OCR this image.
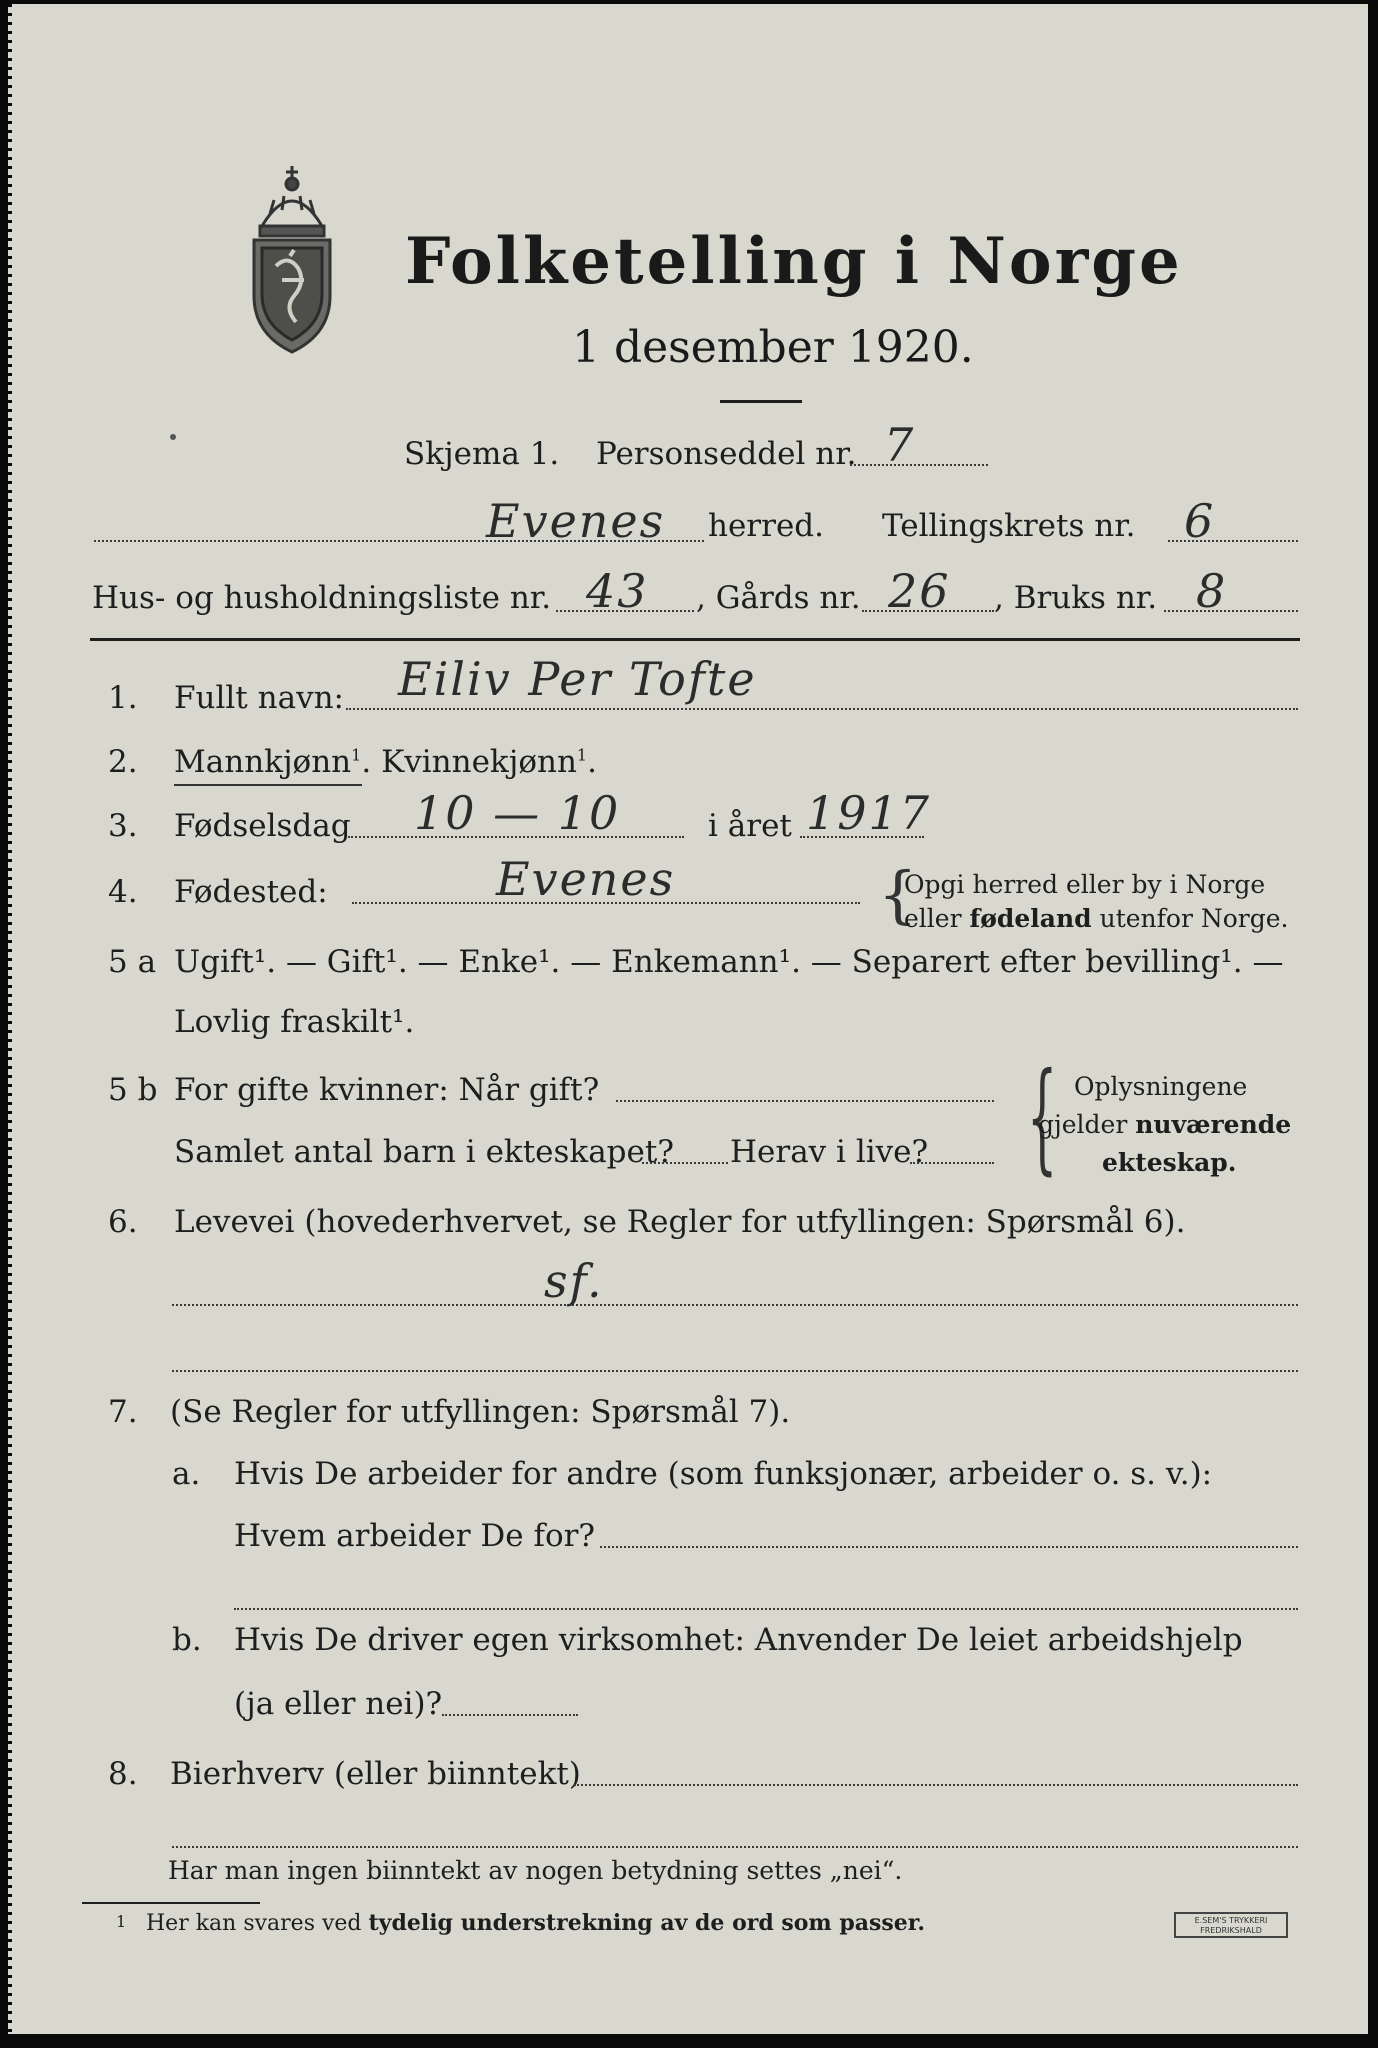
Folketelling i Norge
1 desember 1920.
Skjema 1. Personseddel nr. 7
Evenes herred. Tellingskrets nr. 6
Hus- og husholdningsliste nr. 43 , Gårds nr. 26 , Bruks nr. 8
1. Fullt navn: Eiliv Per Tofte
2. Mannkjønn$^1$. Kvinnekjønn$^1$.
3. Fødselsdag 10 — 10	i året 1917
4. Fødested:	Evenes	{
Opgi herred eller by i Norge
eller fødeland utenfor Norge.
5 a Ugift¹. — Gift¹. — Enke¹. — Enkemann¹. — Separert efter bevilling¹. —
Lovlig fraskilt¹.
5 b For gifte kvinner: Når gift?
Samlet antal barn i ekteskapet? Herav i live? { Oplysningene
gjelder nuværende
ekteskap.
6. Levevei (hovederhvervet, se Regler for utfyllingen: Spørsmål 6).
sf.
7. (Se Regler for utfyllingen: Spørsmål 7).
a. Hvis De arbeider for andre (som funksjonær, arbeider o. s. v.):
Hvem arbeider De for?
b. Hvis De driver egen virksomhet: Anvender De leiet arbeidshjelp
(ja eller nei)?
8. Bierhverv (eller biinntekt)
Har man ingen biinntekt av nogen betydning settes „nei“.
1 Her kan svares ved tydelig understrekning av de ord som passer.	E.SEM'S TRYKKERI FREDRIKSHALD
